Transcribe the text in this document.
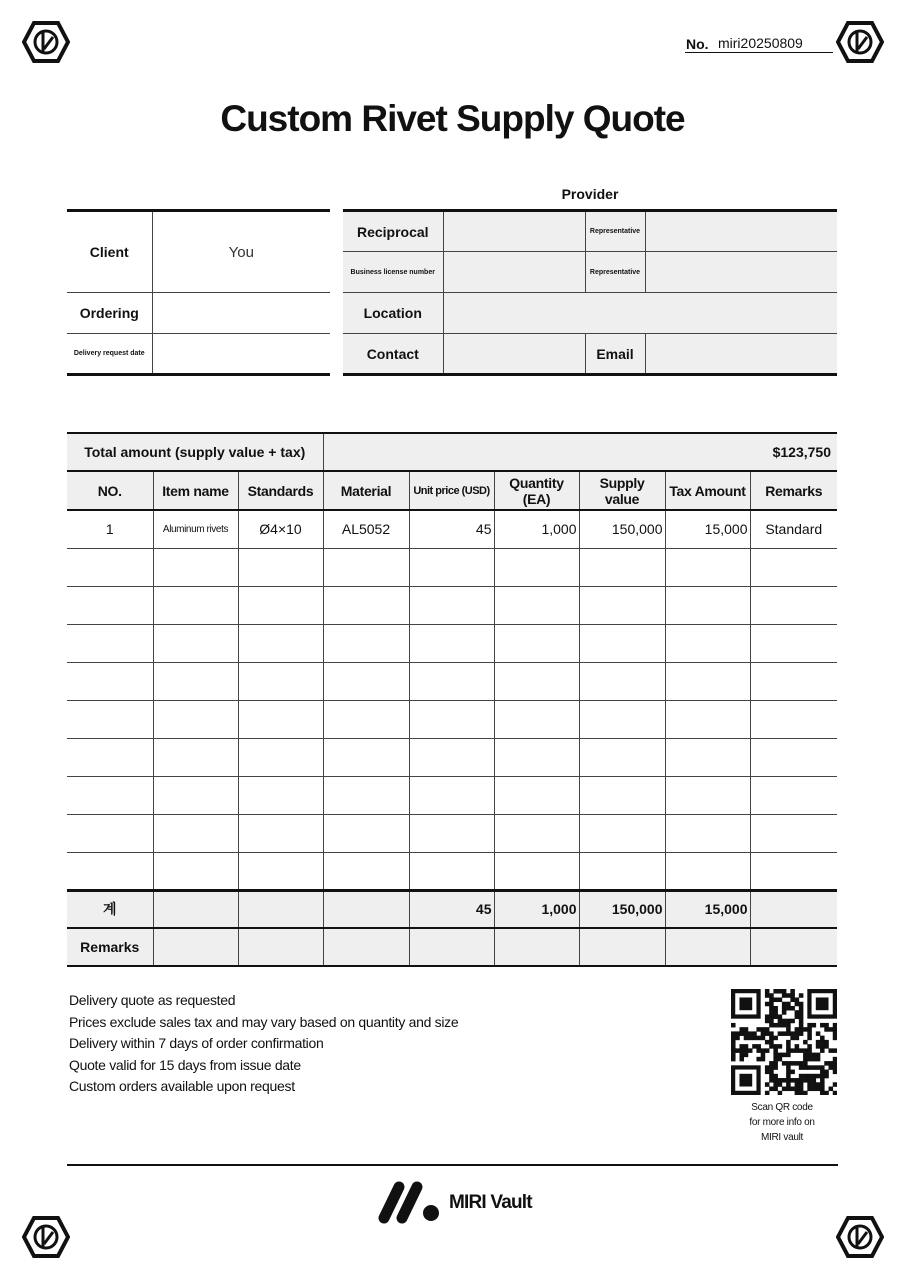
No. miri20250809
Custom Rivet Supply Quote
Provider
Client	You
Ordering	
Delivery request date	
Reciprocal		Representative	
Business license number		Representative	
Location			
Contact		Email	
Total amount (supply value + tax)			$123,750					
NO.	Item name	Standards	Material	Unit price (USD)	Quantity (EA)	Supply value	Tax Amount	Remarks
1	Aluminum rivets	Ø4×10	AL5052	45	1,000	150,000	15,000	Standard

계				45	1,000	150,000	15,000	
Remarks								
Delivery quote as requested
Prices exclude sales tax and may vary based on quantity and size
Delivery within 7 days of order confirmation
Quote valid for 15 days from issue date
Custom orders available upon request
Scan QR code
for more info on
MIRI vault
MIRI Vault
